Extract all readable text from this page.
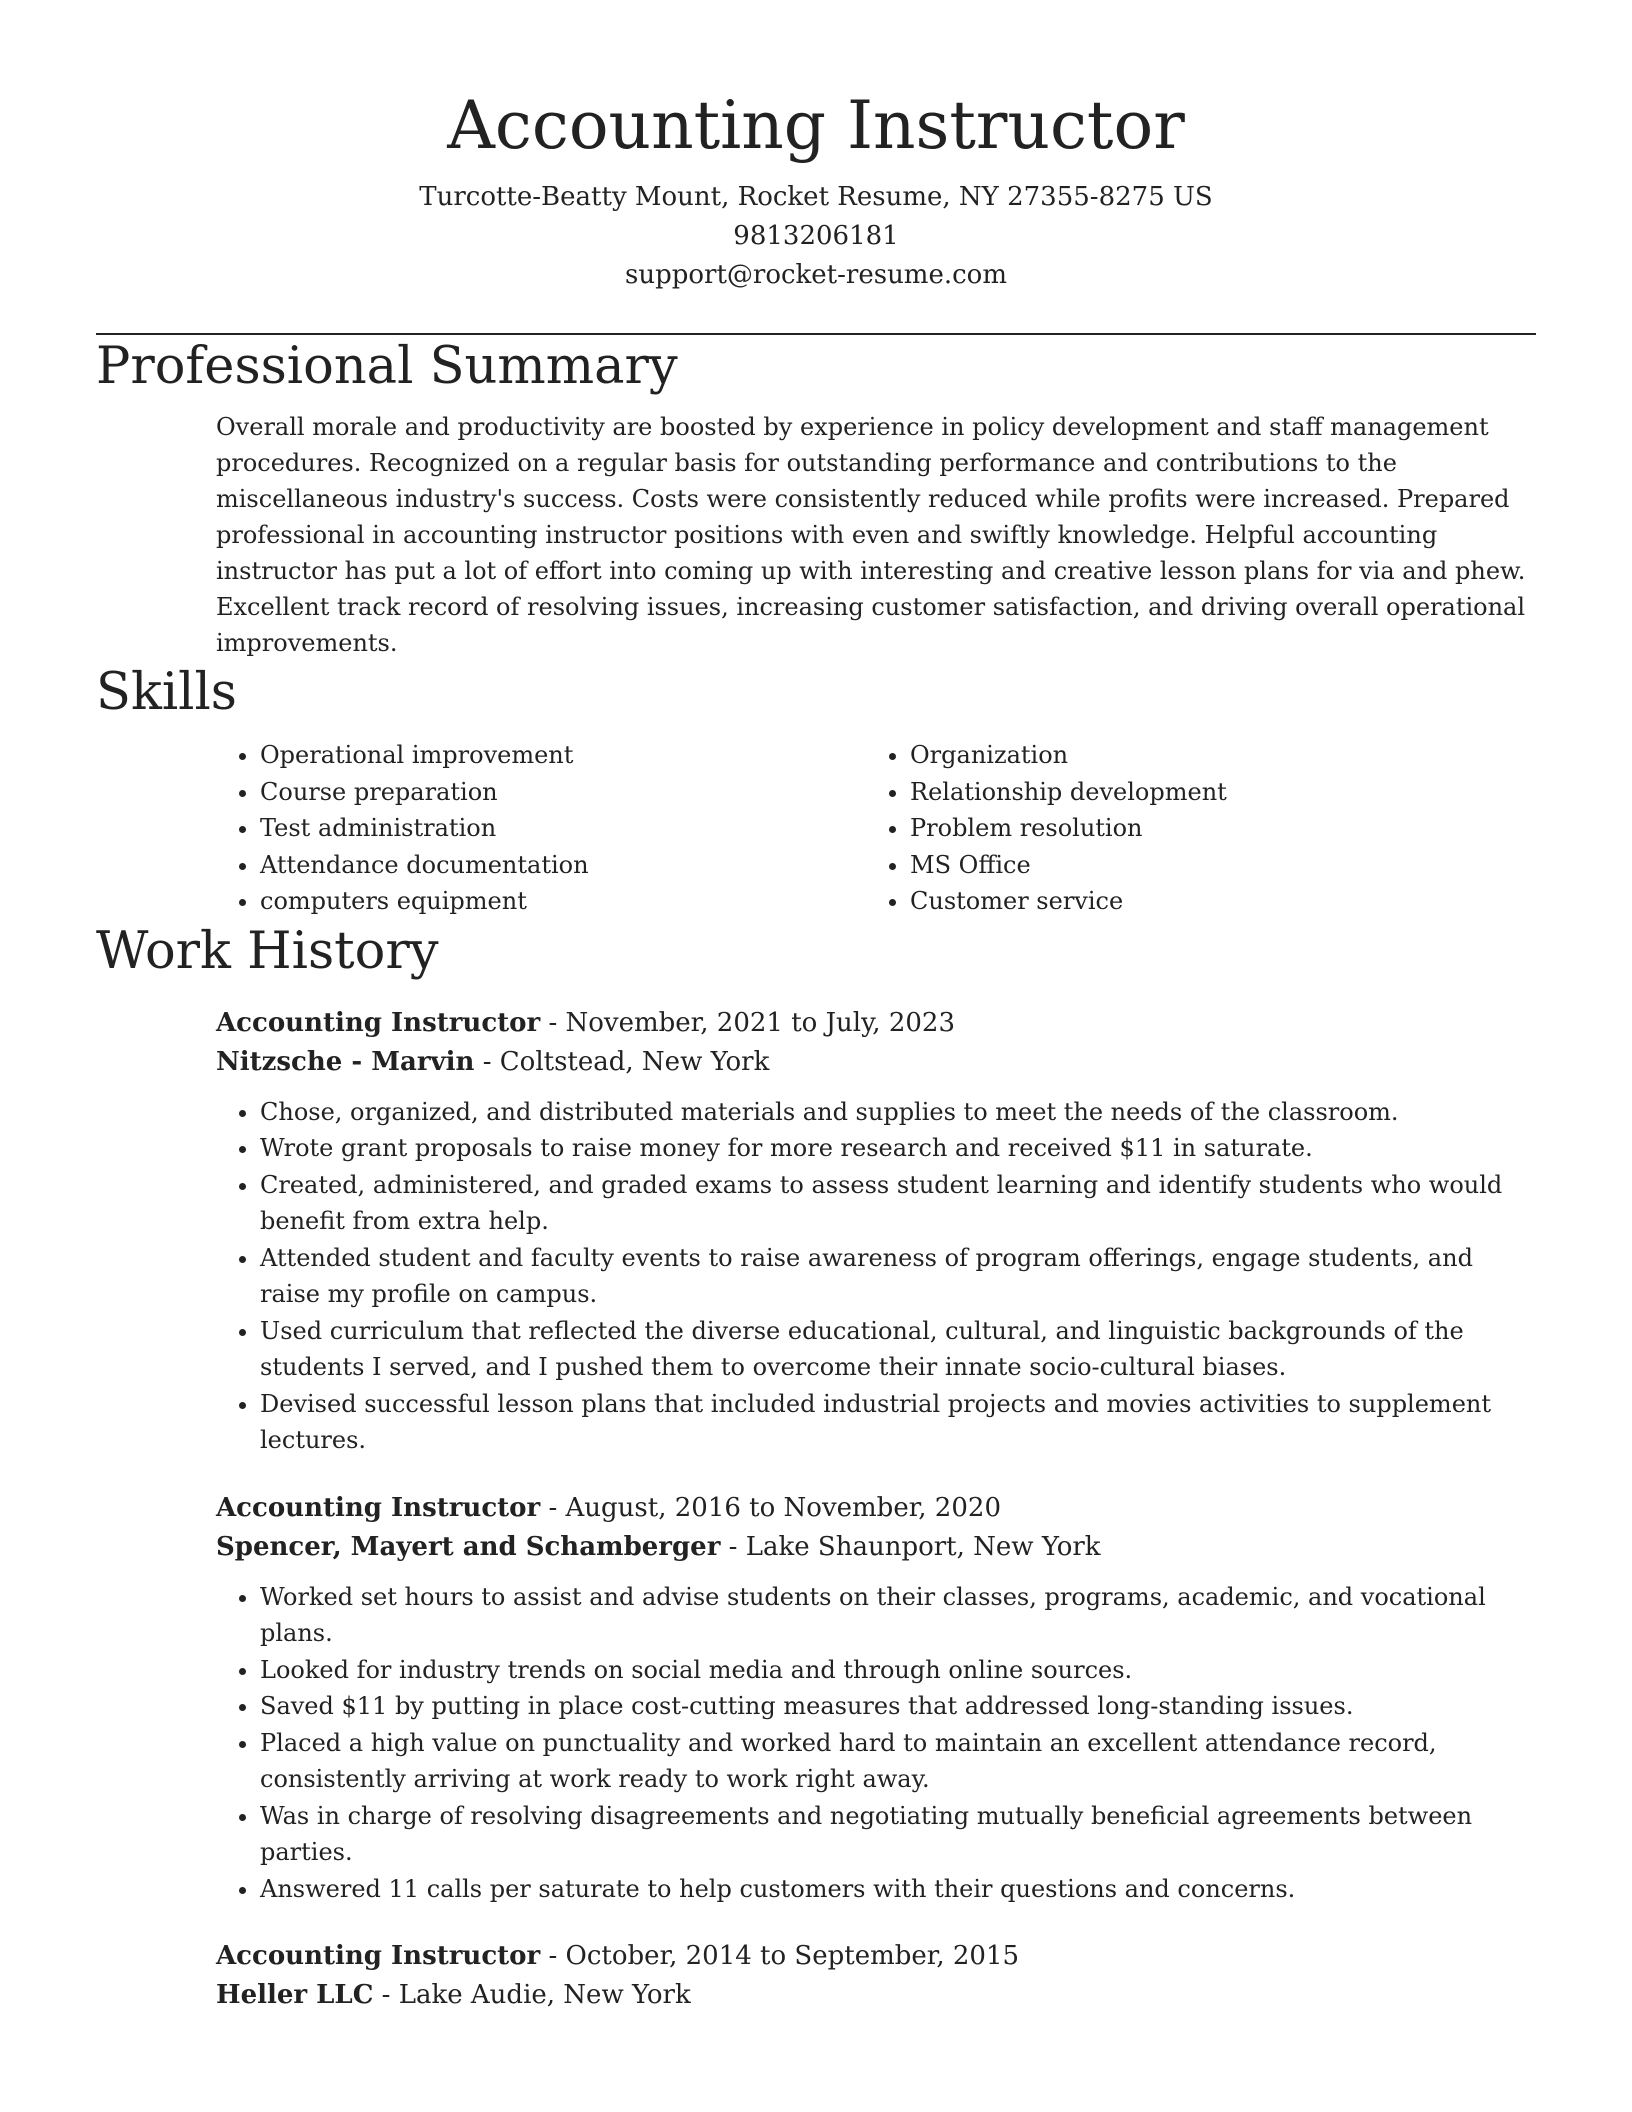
Accounting Instructor
Turcotte-Beatty Mount, Rocket Resume, NY 27355-8275 US
9813206181
support@rocket-resume.com
Professional Summary

Overall morale and productivity are boosted by experience in policy development and staff management procedures. Recognized on a regular basis for outstanding performance and contributions to the miscellaneous industry's success. Costs were consistently reduced while profits were increased. Prepared professional in accounting instructor positions with even and swiftly knowledge. Helpful accounting instructor has put a lot of effort into coming up with interesting and creative lesson plans for via and phew. Excellent track record of resolving issues, increasing customer satisfaction, and driving overall operational improvements.

Skills
• Operational improvement
• Course preparation
• Test administration
• Attendance documentation
• computers equipment
• Organization
• Relationship development
• Problem resolution
• MS Office
• Customer service
Work History
Accounting Instructor - November, 2021 to July, 2023
Nitzsche - Marvin - Coltstead, New York
• Chose, organized, and distributed materials and supplies to meet the needs of the classroom.
• Wrote grant proposals to raise money for more research and received $11 in saturate.
• Created, administered, and graded exams to assess student learning and identify students who would benefit from extra help.
• Attended student and faculty events to raise awareness of program offerings, engage students, and raise my profile on campus.
• Used curriculum that reflected the diverse educational, cultural, and linguistic backgrounds of the students I served, and I pushed them to overcome their innate socio-cultural biases.
• Devised successful lesson plans that included industrial projects and movies activities to supplement lectures.
Accounting Instructor - August, 2016 to November, 2020
Spencer, Mayert and Schamberger - Lake Shaunport, New York
• Worked set hours to assist and advise students on their classes, programs, academic, and vocational plans.
• Looked for industry trends on social media and through online sources.
• Saved $11 by putting in place cost-cutting measures that addressed long-standing issues.
• Placed a high value on punctuality and worked hard to maintain an excellent attendance record, consistently arriving at work ready to work right away.
• Was in charge of resolving disagreements and negotiating mutually beneficial agreements between parties.
• Answered 11 calls per saturate to help customers with their questions and concerns.
Accounting Instructor - October, 2014 to September, 2015
Heller LLC - Lake Audie, New York
